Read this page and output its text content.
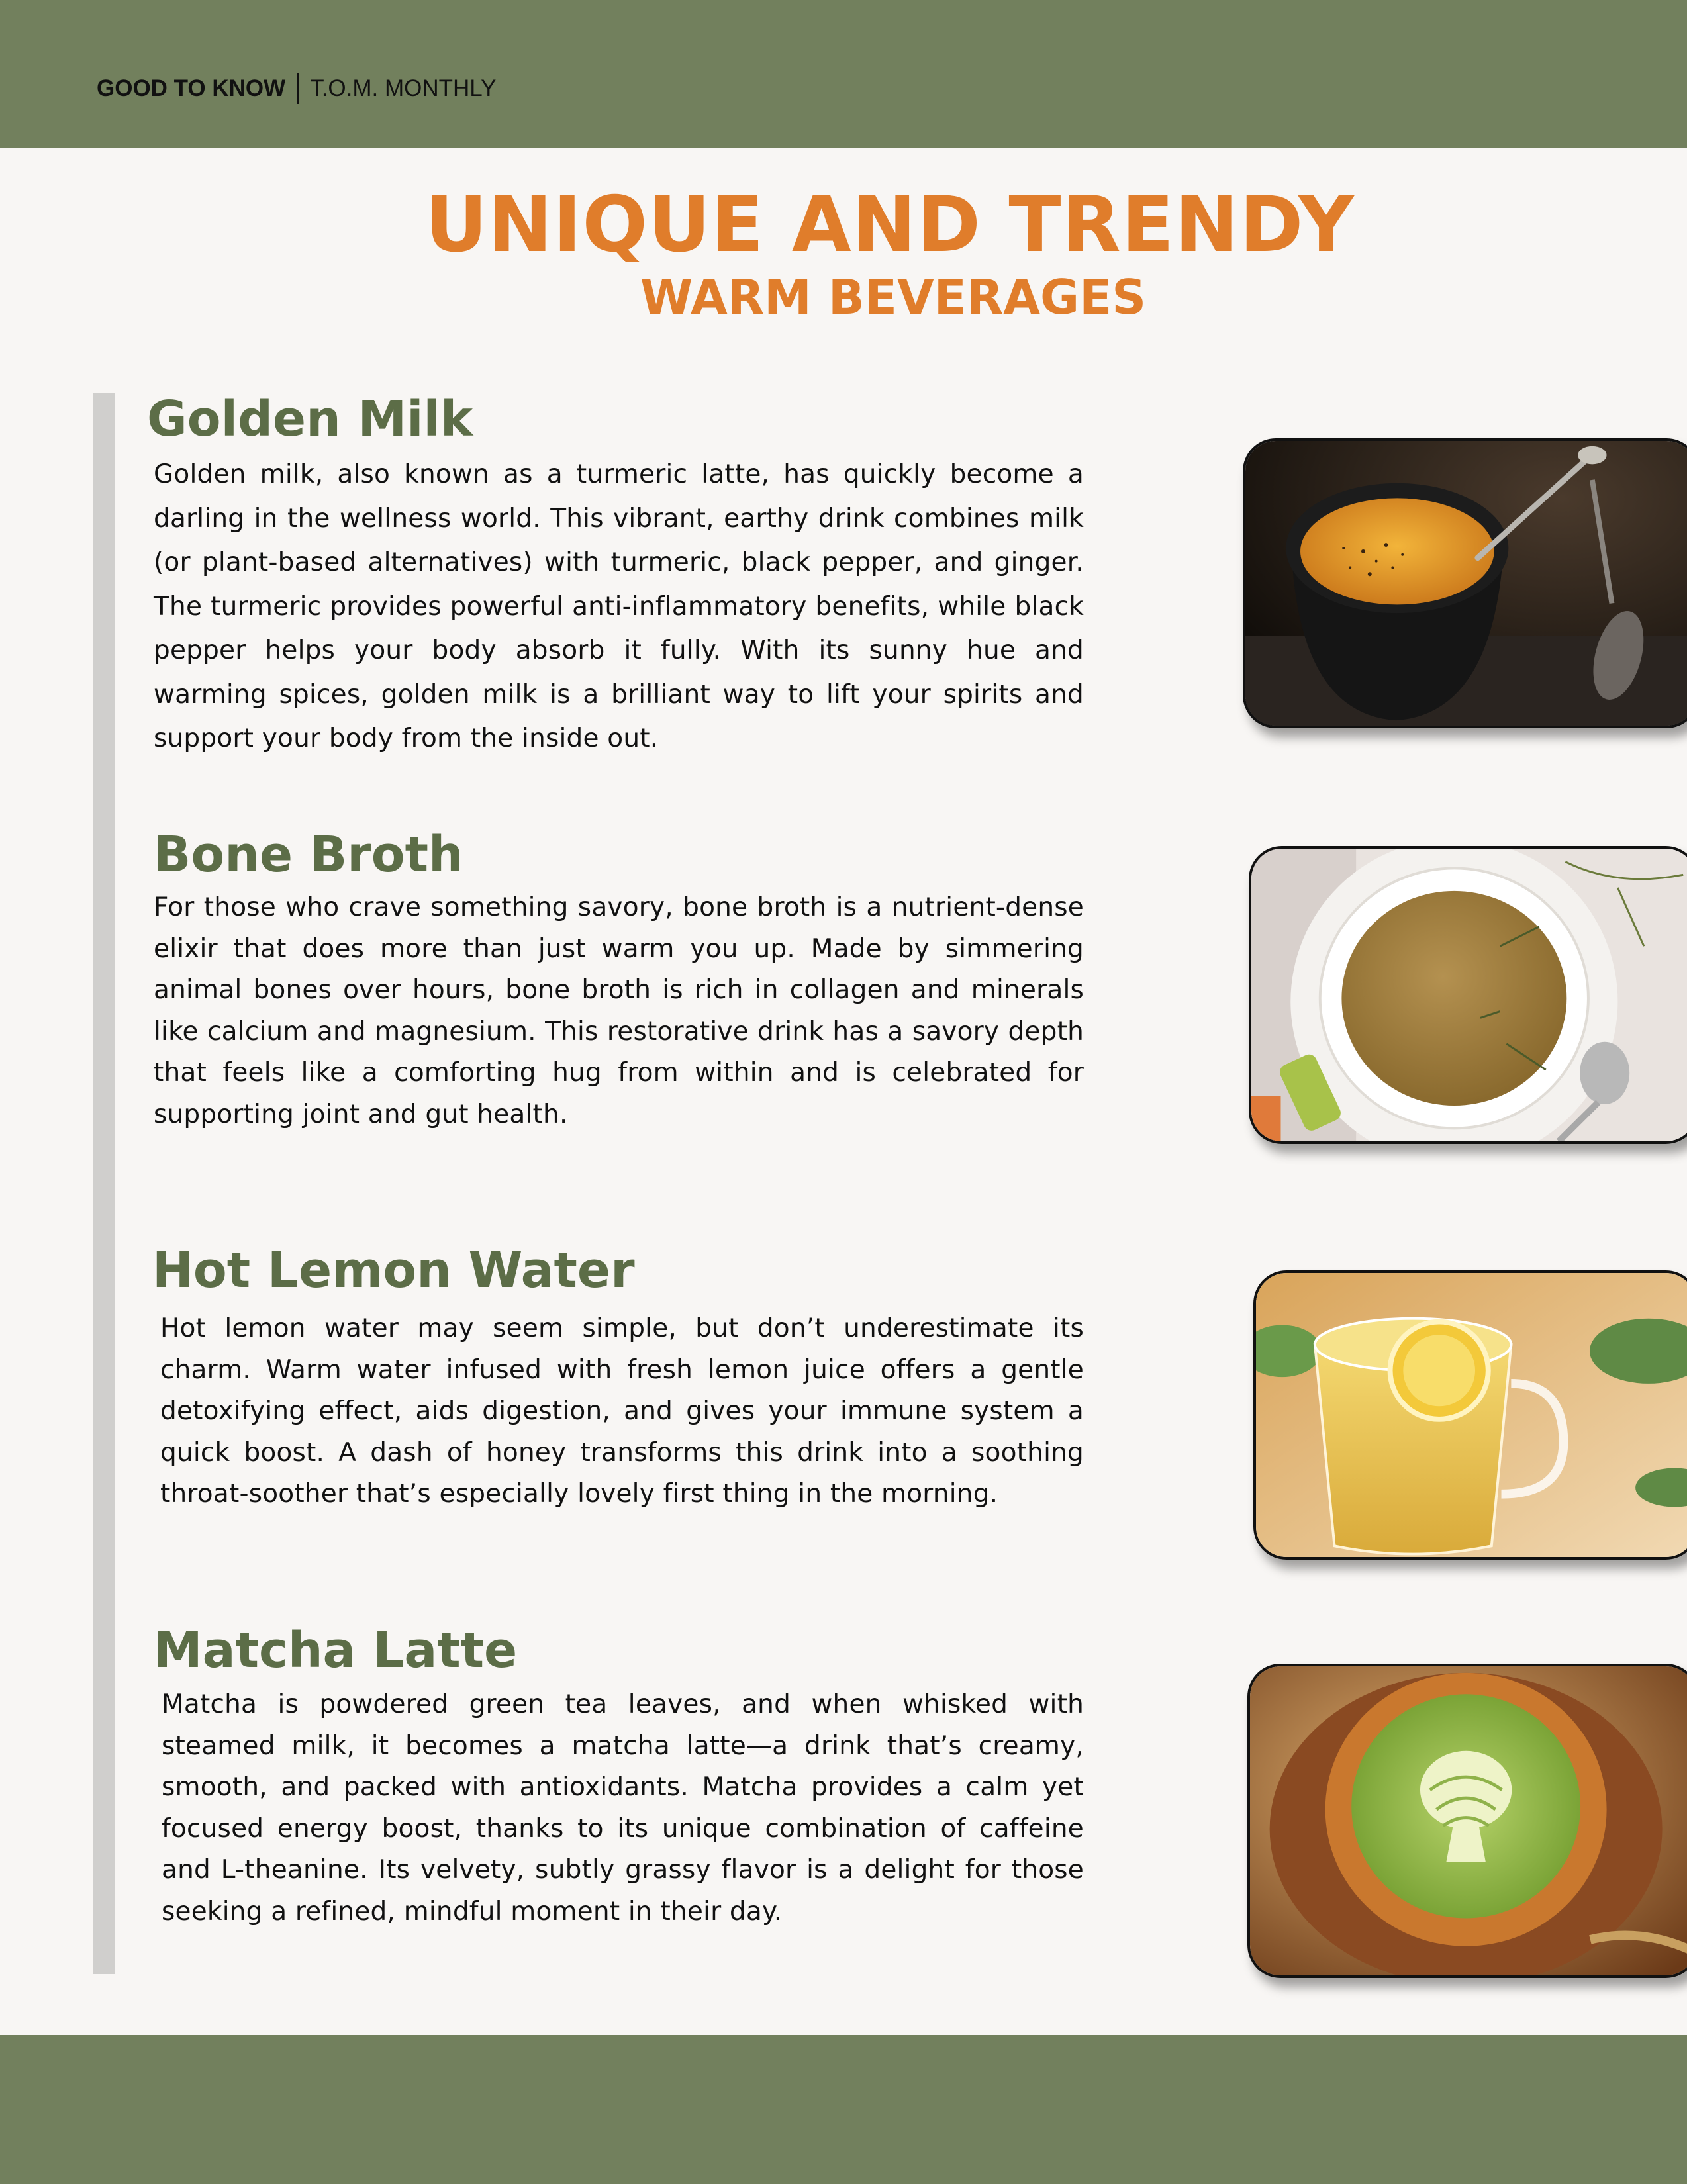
GOOD TO KNOW T.O.M. MONTHLY
UNIQUE AND TRENDY
WARM BEVERAGES
Golden Milk

Golden milk, also known as a turmeric latte, has quickly become a darling in the wellness world. This vibrant, earthy drink combines milk (or plant-based alternatives) with turmeric, black pepper, and ginger. The turmeric provides powerful anti-inflammatory benefits, while black pepper helps your body absorb it fully. With its sunny hue and warming spices, golden milk is a brilliant way to lift your spirits and support your body from the inside out.

Bone Broth

For those who crave something savory, bone broth is a nutrient-dense elixir that does more than just warm you up. Made by simmering animal bones over hours, bone broth is rich in collagen and minerals like calcium and magnesium. This restorative drink has a savory depth that feels like a comforting hug from within and is celebrated for supporting joint and gut health.

Hot Lemon Water

Hot lemon water may seem simple, but don’t underestimate its charm. Warm water infused with fresh lemon juice offers a gentle detoxifying effect, aids digestion, and gives your immune system a quick boost. A dash of honey transforms this drink into a soothing throat-soother that’s especially lovely first thing in the morning.

Matcha Latte

Matcha is powdered green tea leaves, and when whisked with steamed milk, it becomes a matcha latte—a drink that’s creamy, smooth, and packed with antioxidants. Matcha provides a calm yet focused energy boost, thanks to its unique combination of caffeine and L-theanine. Its velvety, subtly grassy flavor is a delight for those seeking a refined, mindful moment in their day.
